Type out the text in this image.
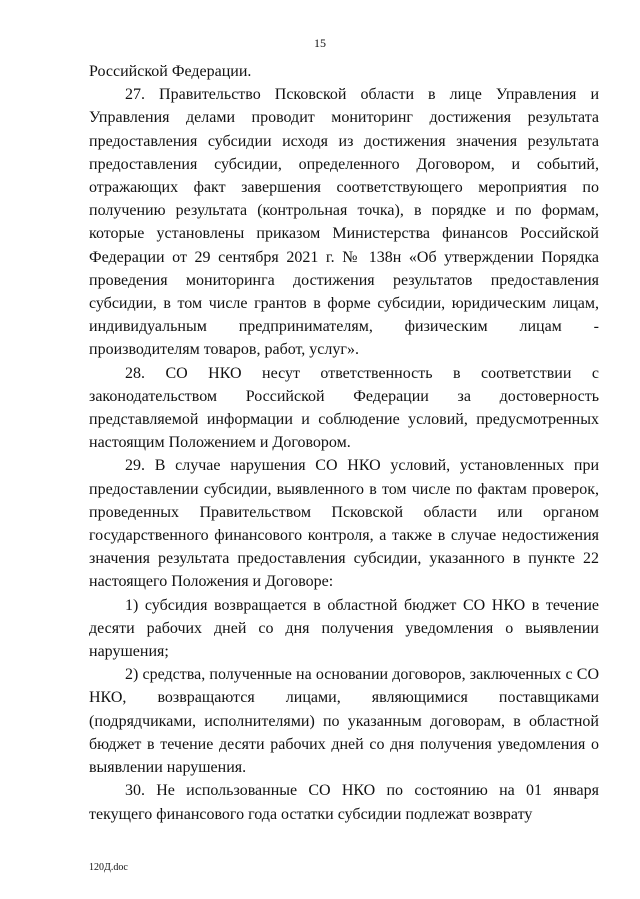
15

Российской Федерации.

27. Правительство Псковской области в лице Управления и Управления делами проводит мониторинг достижения результата предоставления субсидии исходя из достижения значения результата предоставления субсидии, определенного Договором, и событий, отражающих факт завершения соответствующего мероприятия по получению результата (контрольная точка), в порядке и по формам, которые установлены приказом Министерства финансов Российской Федерации от 29 сентября 2021 г. № 138н «Об утверждении Порядка проведения мониторинга достижения результатов предоставления субсидии, в том числе грантов в форме субсидии, юридическим лицам, индивидуальным предпринимателям, физическим лицам - производителям товаров, работ, услуг».

28. СО НКО несут ответственность в соответствии с законодательством Российской Федерации за достоверность представляемой информации и соблюдение условий, предусмотренных настоящим Положением и Договором.

29. В случае нарушения СО НКО условий, установленных при предоставлении субсидии, выявленного в том числе по фактам проверок, проведенных Правительством Псковской области или органом государственного финансового контроля, а также в случае недостижения значения результата предоставления субсидии, указанного в пункте 22 настоящего Положения и Договоре:

1) субсидия возвращается в областной бюджет СО НКО в течение десяти рабочих дней со дня получения уведомления о выявлении нарушения;

2) средства, полученные на основании договоров, заключенных с СО НКО, возвращаются лицами, являющимися поставщиками (подрядчиками, исполнителями) по указанным договорам, в областной бюджет в течение десяти рабочих дней со дня получения уведомления о выявлении нарушения.

30. Не использованные СО НКО по состоянию на 01 января текущего финансового года остатки субсидии подлежат возврату

120Д.doc
